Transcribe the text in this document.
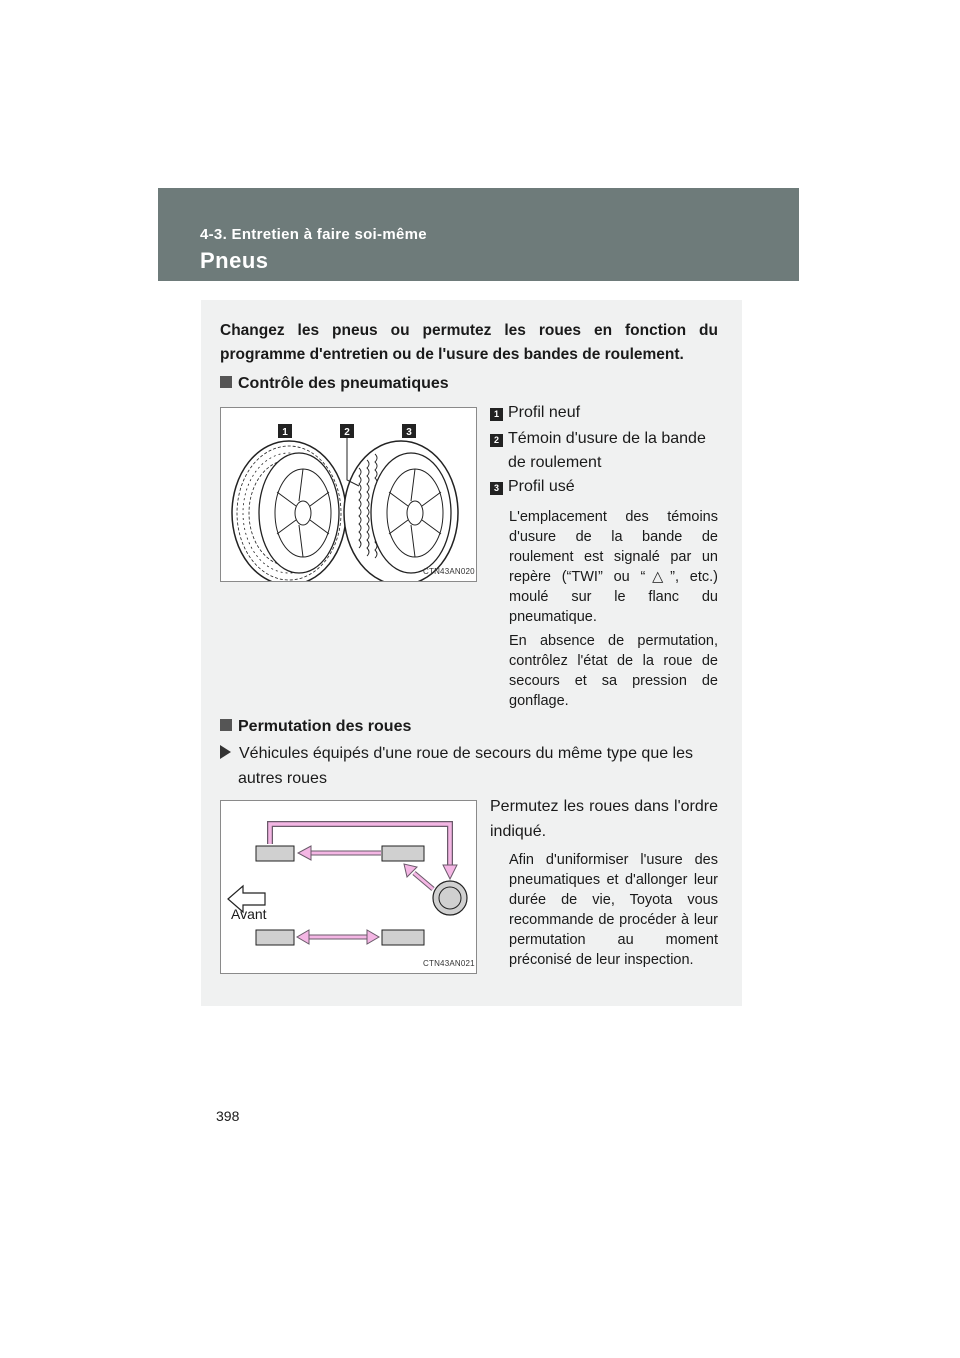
4-3. Entretien à faire soi-même
Pneus
Changez les pneus ou permutez les roues en fonction du programme d'entretien ou de l'usure des bandes de roulement.
Contrôle des pneumatiques
1	2	3
CTN43AN020
1 Profil neuf
2 Témoin d'usure de la bande de roulement
3 Profil usé
L'emplacement des témoins d'usure de la bande de roulement est signalé par un repère (“TWI” ou “△”, etc.) moulé sur le flanc du pneumatique.
En absence de permutation, contrôlez l'état de la roue de secours et sa pression de gonflage.
Permutation des roues
Véhicules équipés d'une roue de secours du même type que les autres roues
Avant
CTN43AN021
Permutez les roues dans l'ordre indiqué.
Afin d'uniformiser l'usure des pneumatiques et d'allonger leur durée de vie, Toyota vous recommande de procéder à leur permutation au moment préconisé de leur inspection.
398
